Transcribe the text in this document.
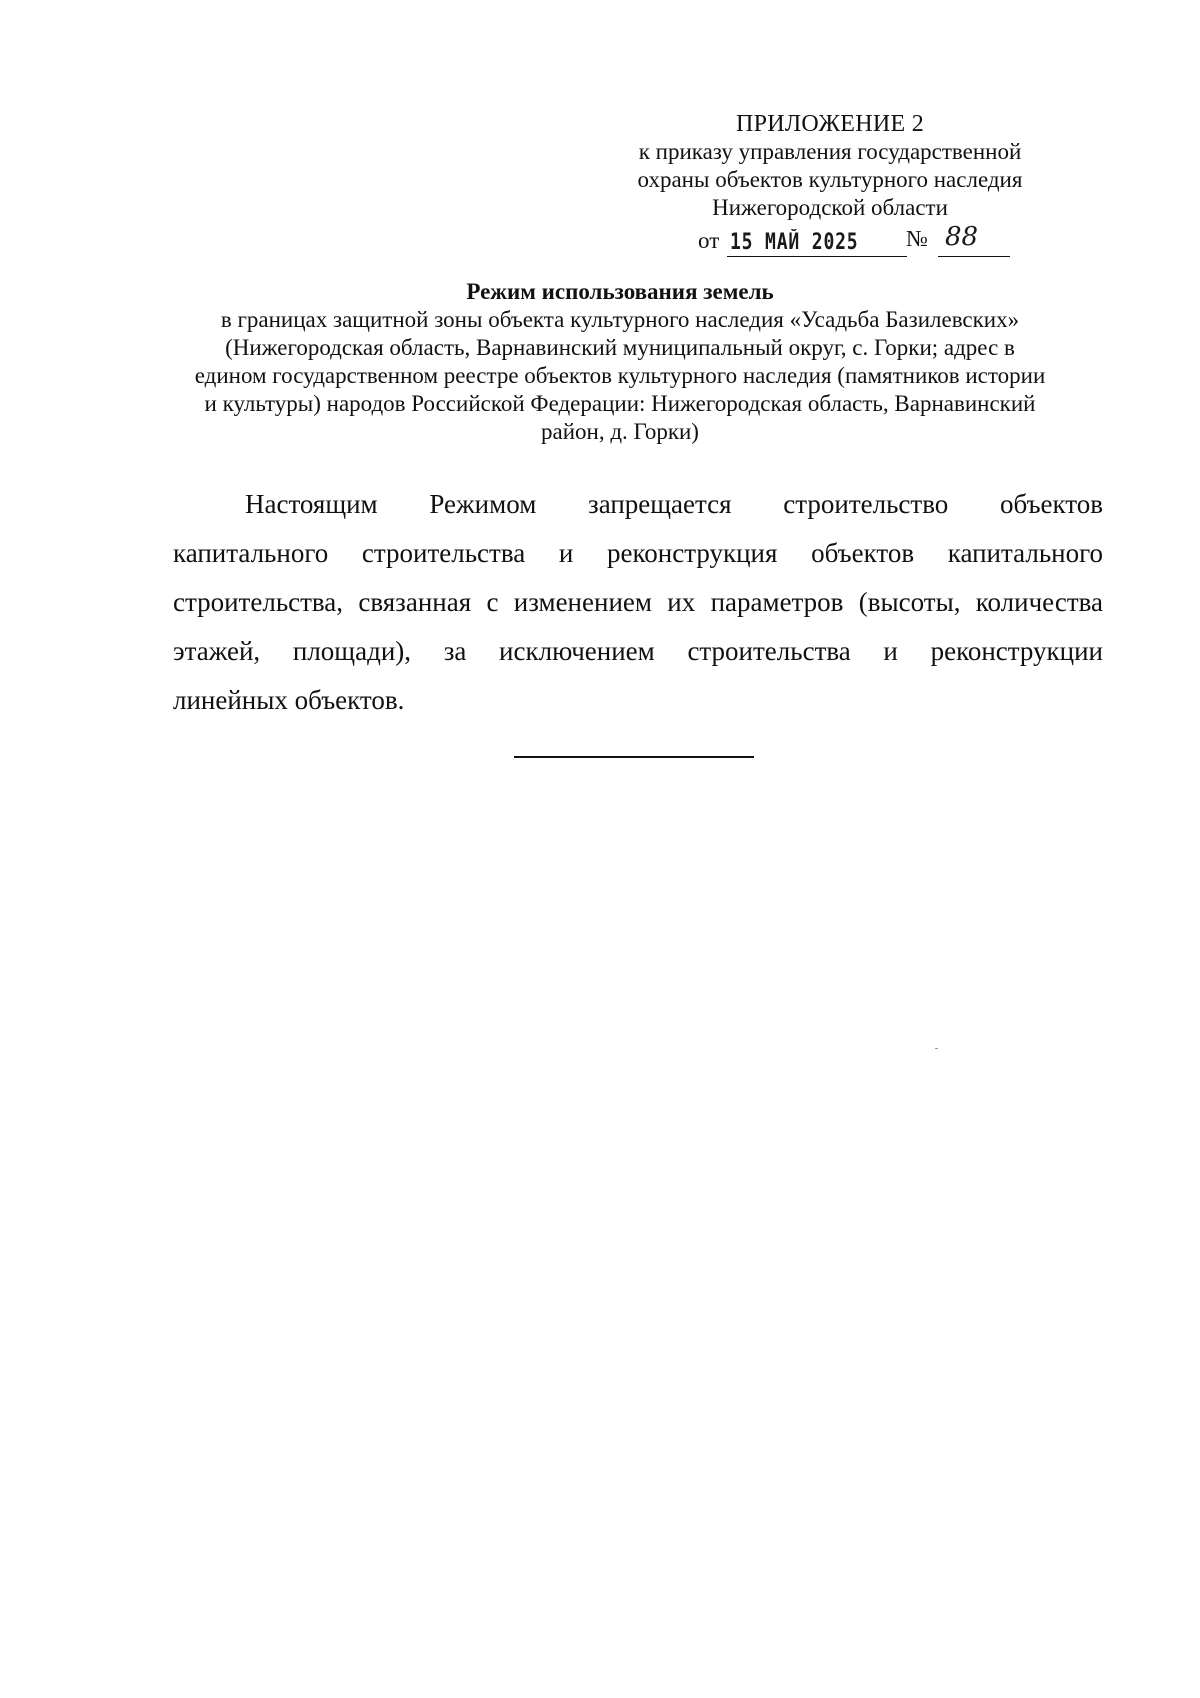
ПРИЛОЖЕНИЕ 2
к приказу управления государственной
охраны объектов культурного наследия
Нижегородской области
от 15 МАЙ 2025 № 88
Режим использования земель
в границах защитной зоны объекта культурного наследия «Усадьба Базилевских»
(Нижегородская область, Варнавинский муниципальный округ, с. Горки; адрес в
едином государственном реестре объектов культурного наследия (памятников истории
и культуры) народов Российской Федерации: Нижегородская область, Варнавинский
район, д. Горки)
Настоящим Режимом запрещается строительство объектов
капитального строительства и реконструкция объектов капитального
строительства, связанная с изменением их параметров (высоты, количества
этажей, площади), за исключением строительства и реконструкции
линейных объектов.
